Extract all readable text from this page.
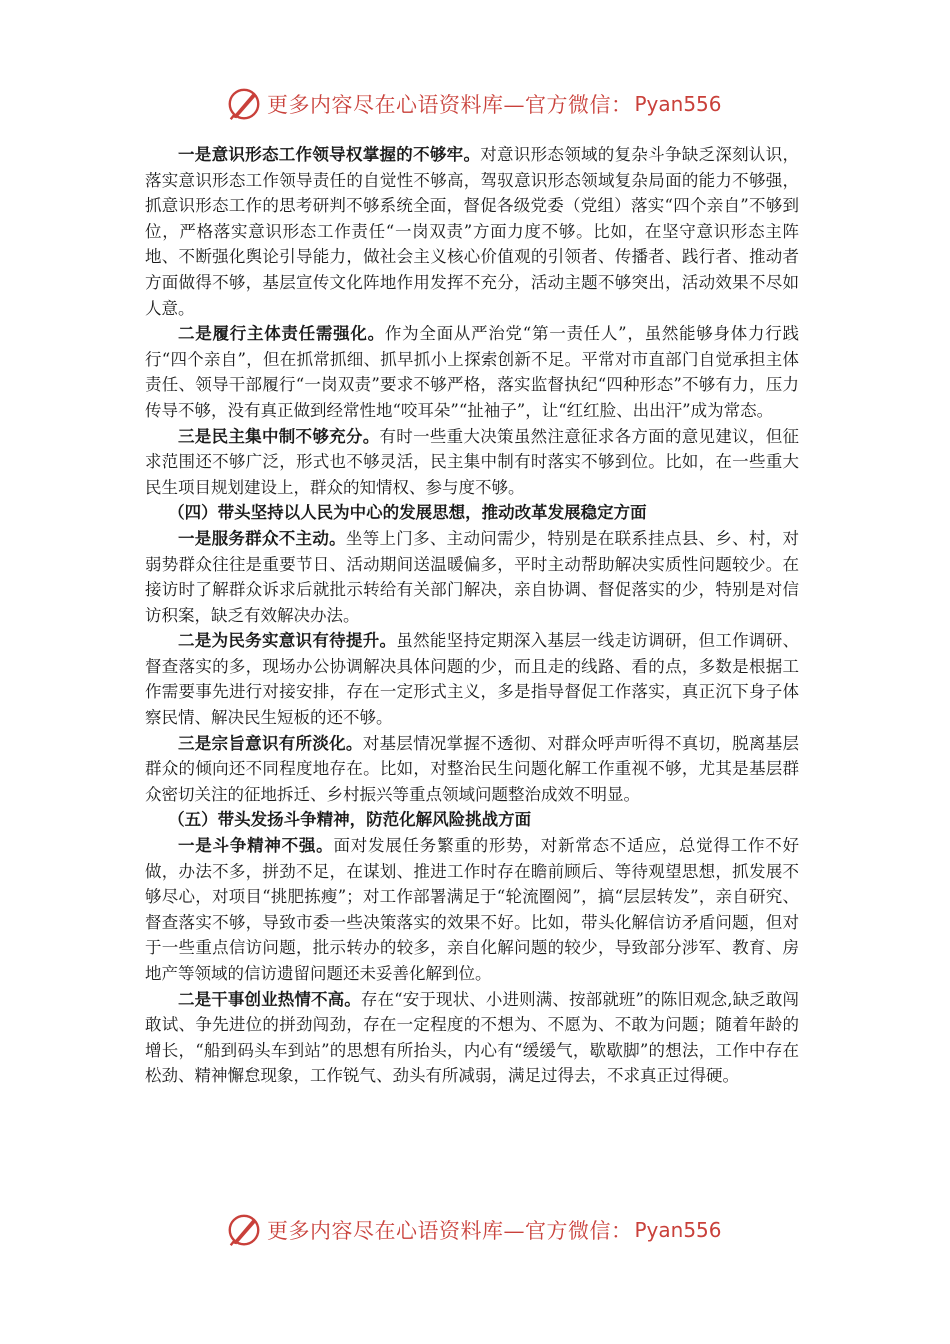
更多内容尽在心语资料库—官方微信： Pyan556

一是意识形态工作领导权掌握的不够牢。对意识形态领域的复杂斗争缺乏深刻认识，落实意识形态工作领导责任的自觉性不够高，驾驭意识形态领域复杂局面的能力不够强，抓意识形态工作的思考研判不够系统全面，督促各级党委（党组）落实“四个亲自”不够到位，严格落实意识形态工作责任“一岗双责”方面力度不够。比如，在坚守意识形态主阵地、不断强化舆论引导能力，做社会主义核心价值观的引领者、传播者、践行者、推动者方面做得不够，基层宣传文化阵地作用发挥不充分，活动主题不够突出，活动效果不尽如人意。

二是履行主体责任需强化。作为全面从严治党“第一责任人”，虽然能够身体力行践行“四个亲自”，但在抓常抓细、抓早抓小上探索创新不足。平常对市直部门自觉承担主体责任、领导干部履行“一岗双责”要求不够严格，落实监督执纪“四种形态”不够有力，压力传导不够，没有真正做到经常性地“咬耳朵”“扯袖子”，让“红红脸、出出汗”成为常态。

三是民主集中制不够充分。有时一些重大决策虽然注意征求各方面的意见建议，但征求范围还不够广泛，形式也不够灵活，民主集中制有时落实不够到位。比如，在一些重大民生项目规划建设上，群众的知情权、参与度不够。

（四）带头坚持以人民为中心的发展思想，推动改革发展稳定方面

一是服务群众不主动。坐等上门多、主动问需少，特别是在联系挂点县、乡、村，对弱势群众往往是重要节日、活动期间送温暖偏多，平时主动帮助解决实质性问题较少。在接访时了解群众诉求后就批示转给有关部门解决，亲自协调、督促落实的少，特别是对信访积案，缺乏有效解决办法。

二是为民务实意识有待提升。虽然能坚持定期深入基层一线走访调研，但工作调研、督查落实的多，现场办公协调解决具体问题的少，而且走的线路、看的点，多数是根据工作需要事先进行对接安排，存在一定形式主义，多是指导督促工作落实，真正沉下身子体察民情、解决民生短板的还不够。

三是宗旨意识有所淡化。对基层情况掌握不透彻、对群众呼声听得不真切，脱离基层群众的倾向还不同程度地存在。比如，对整治民生问题化解工作重视不够，尤其是基层群众密切关注的征地拆迁、乡村振兴等重点领域问题整治成效不明显。

（五）带头发扬斗争精神，防范化解风险挑战方面

一是斗争精神不强。面对发展任务繁重的形势，对新常态不适应，总觉得工作不好做，办法不多，拼劲不足，在谋划、推进工作时存在瞻前顾后、等待观望思想，抓发展不够尽心，对项目“挑肥拣瘦”；对工作部署满足于“轮流圈阅”，搞“层层转发”，亲自研究、督查落实不够，导致市委一些决策落实的效果不好。比如，带头化解信访矛盾问题，但对于一些重点信访问题，批示转办的较多，亲自化解问题的较少，导致部分涉军、教育、房地产等领域的信访遗留问题还未妥善化解到位。

二是干事创业热情不高。存在“安于现状、小进则满、按部就班”的陈旧观念,缺乏敢闯敢试、争先进位的拼劲闯劲，存在一定程度的不想为、不愿为、不敢为问题；随着年龄的增长，“船到码头车到站”的思想有所抬头，内心有“缓缓气，歇歇脚”的想法，工作中存在松劲、精神懈怠现象，工作锐气、劲头有所减弱，满足过得去，不求真正过得硬。

更多内容尽在心语资料库—官方微信： Pyan556
